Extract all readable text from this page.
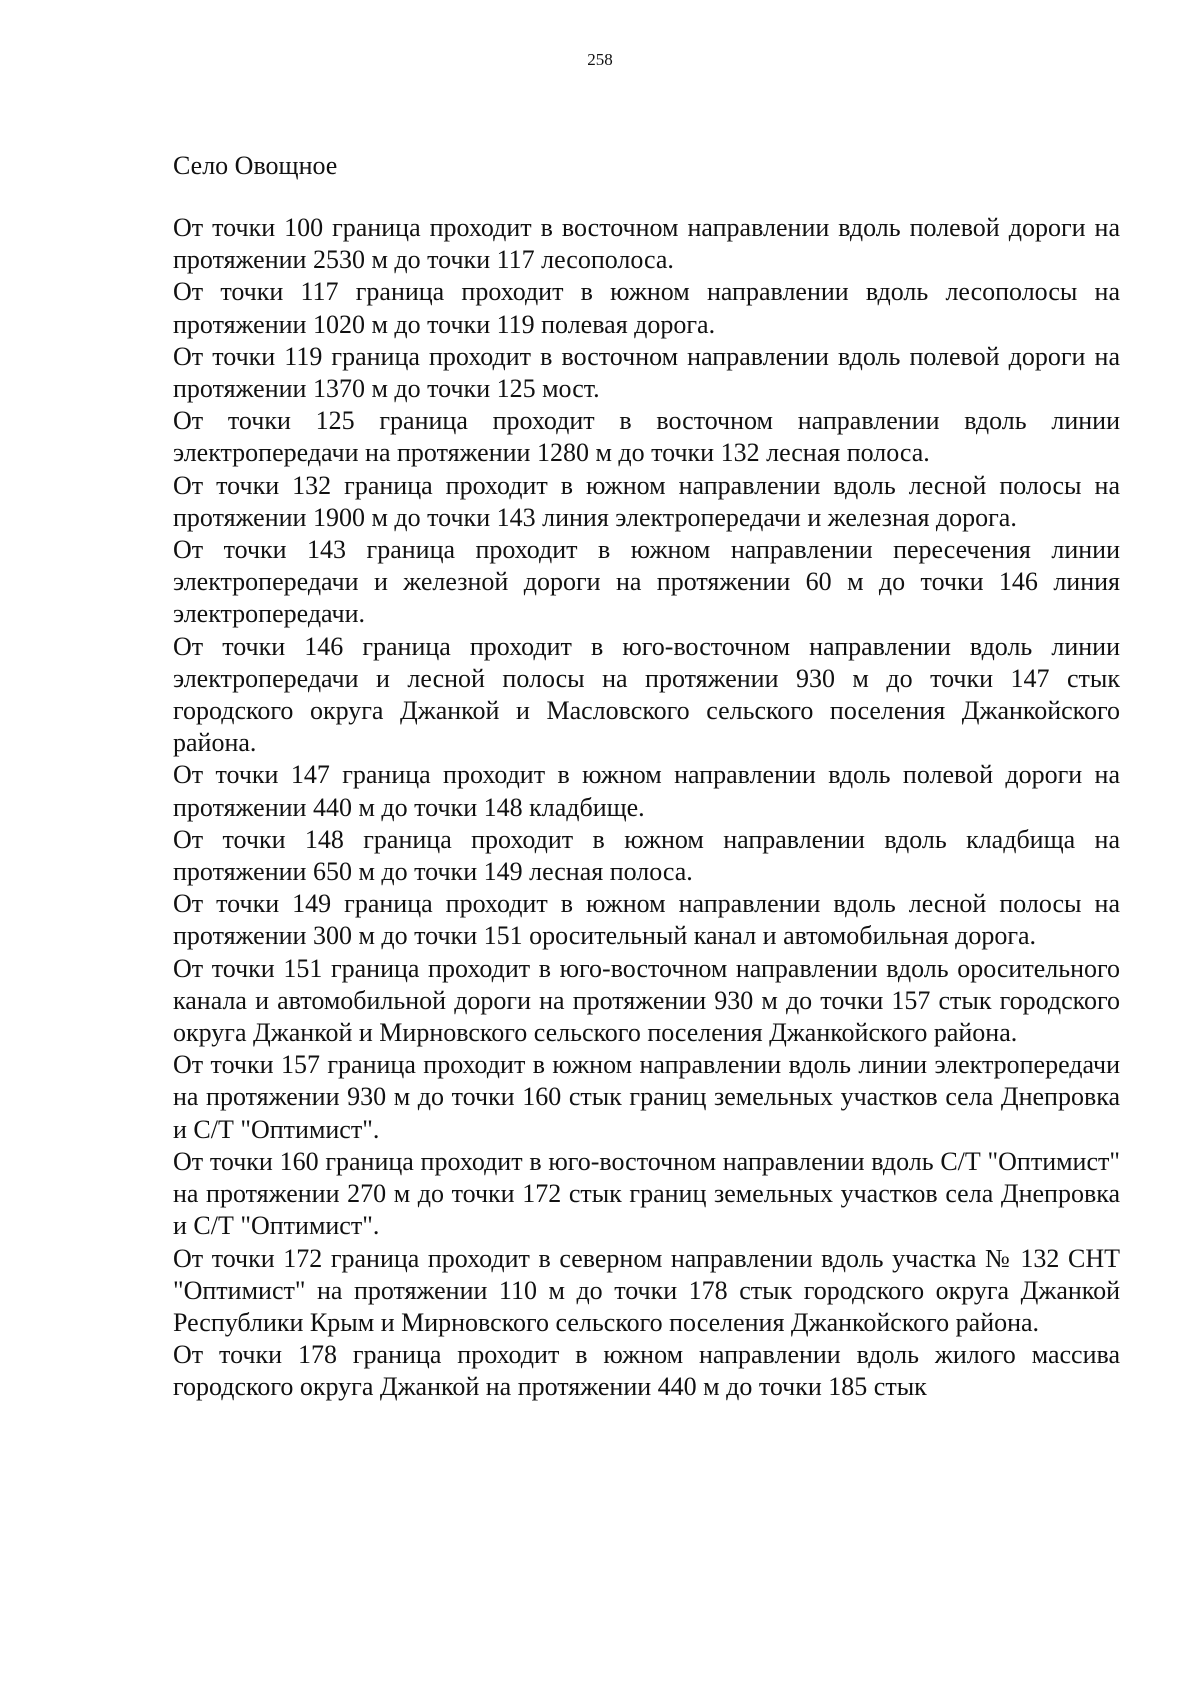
258
Село Овощное

От точки 100 граница проходит в восточном направлении вдоль полевой дороги на протяжении 2530 м до точки 117 лесополоса.

От точки 117 граница проходит в южном направлении вдоль лесополосы на протяжении 1020 м до точки 119 полевая дорога.

От точки 119 граница проходит в восточном направлении вдоль полевой дороги на протяжении 1370 м до точки 125 мост.

От точки 125 граница проходит в восточном направлении вдоль линии электропередачи на протяжении 1280 м до точки 132 лесная полоса.

От точки 132 граница проходит в южном направлении вдоль лесной полосы на протяжении 1900 м до точки 143 линия электропередачи и железная дорога.

От точки 143 граница проходит в южном направлении пересечения линии электропередачи и железной дороги на протяжении 60 м до точки 146 линия электропередачи.

От точки 146 граница проходит в юго-восточном направлении вдоль линии электропередачи и лесной полосы на протяжении 930 м до точки 147 стык городского округа Джанкой и Масловского сельского поселения Джанкойского района.

От точки 147 граница проходит в южном направлении вдоль полевой дороги на протяжении 440 м до точки 148 кладбище.

От точки 148 граница проходит в южном направлении вдоль кладбища на протяжении 650 м до точки 149 лесная полоса.

От точки 149 граница проходит в южном направлении вдоль лесной полосы на протяжении 300 м до точки 151 оросительный канал и автомобильная дорога.

От точки 151 граница проходит в юго-восточном направлении вдоль оросительного канала и автомобильной дороги на протяжении 930 м до точки 157 стык городского округа Джанкой и Мирновского сельского поселения Джанкойского района.

От точки 157 граница проходит в южном направлении вдоль линии электропередачи на протяжении 930 м до точки 160 стык границ земельных участков села Днепровка и С/Т "Оптимист".

От точки 160 граница проходит в юго-восточном направлении вдоль С/Т "Оптимист" на протяжении 270 м до точки 172 стык границ земельных участков села Днепровка и С/Т "Оптимист".

От точки 172 граница проходит в северном направлении вдоль участка № 132 СНТ "Оптимист" на протяжении 110 м до точки 178 стык городского округа Джанкой Республики Крым и Мирновского сельского поселения Джанкойского района.

От точки 178 граница проходит в южном направлении вдоль жилого массива городского округа Джанкой на протяжении 440 м до точки 185 стык
